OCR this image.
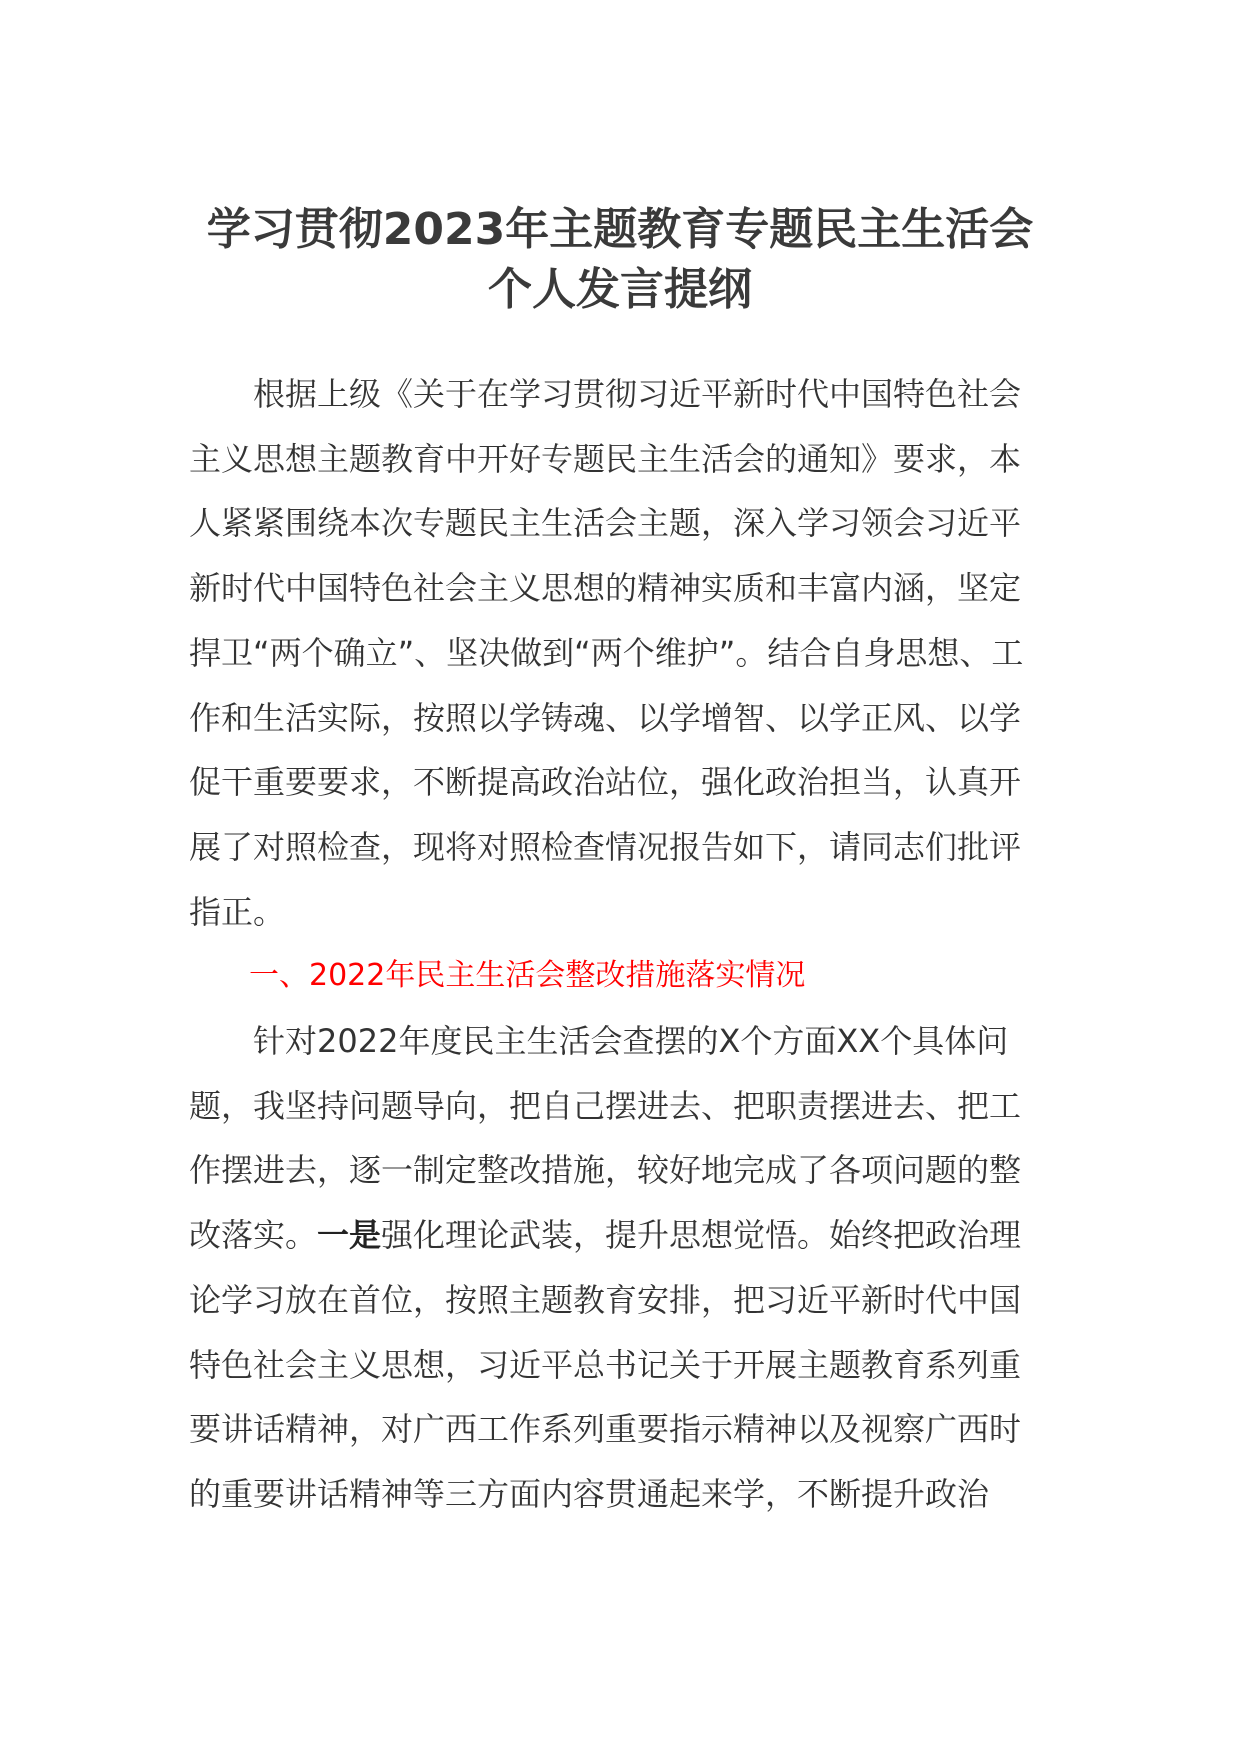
学习贯彻2023年主题教育专题民主生活会
个人发言提纲

根据上级《关于在学习贯彻习近平新时代中国特色社会主义思想主题教育中开好专题民主生活会的通知》要求，本人紧紧围绕本次专题民主生活会主题，深入学习领会习近平新时代中国特色社会主义思想的精神实质和丰富内涵，坚定捍卫“两个确立”、坚决做到“两个维护”。结合自身思想、工作和生活实际，按照以学铸魂、以学增智、以学正风、以学促干重要要求，不断提高政治站位，强化政治担当，认真开展了对照检查，现将对照检查情况报告如下，请同志们批评指正。

一、2022年民主生活会整改措施落实情况

针对2022年度民主生活会查摆的X个方面XX个具体问题，我坚持问题导向，把自己摆进去、把职责摆进去、把工作摆进去，逐一制定整改措施，较好地完成了各项问题的整改落实。一是强化理论武装，提升思想觉悟。始终把政治理论学习放在首位，按照主题教育安排，把习近平新时代中国特色社会主义思想，习近平总书记关于开展主题教育系列重要讲话精神，对广西工作系列重要指示精神以及视察广西时的重要讲话精神等三方面内容贯通起来学，不断提升政治
